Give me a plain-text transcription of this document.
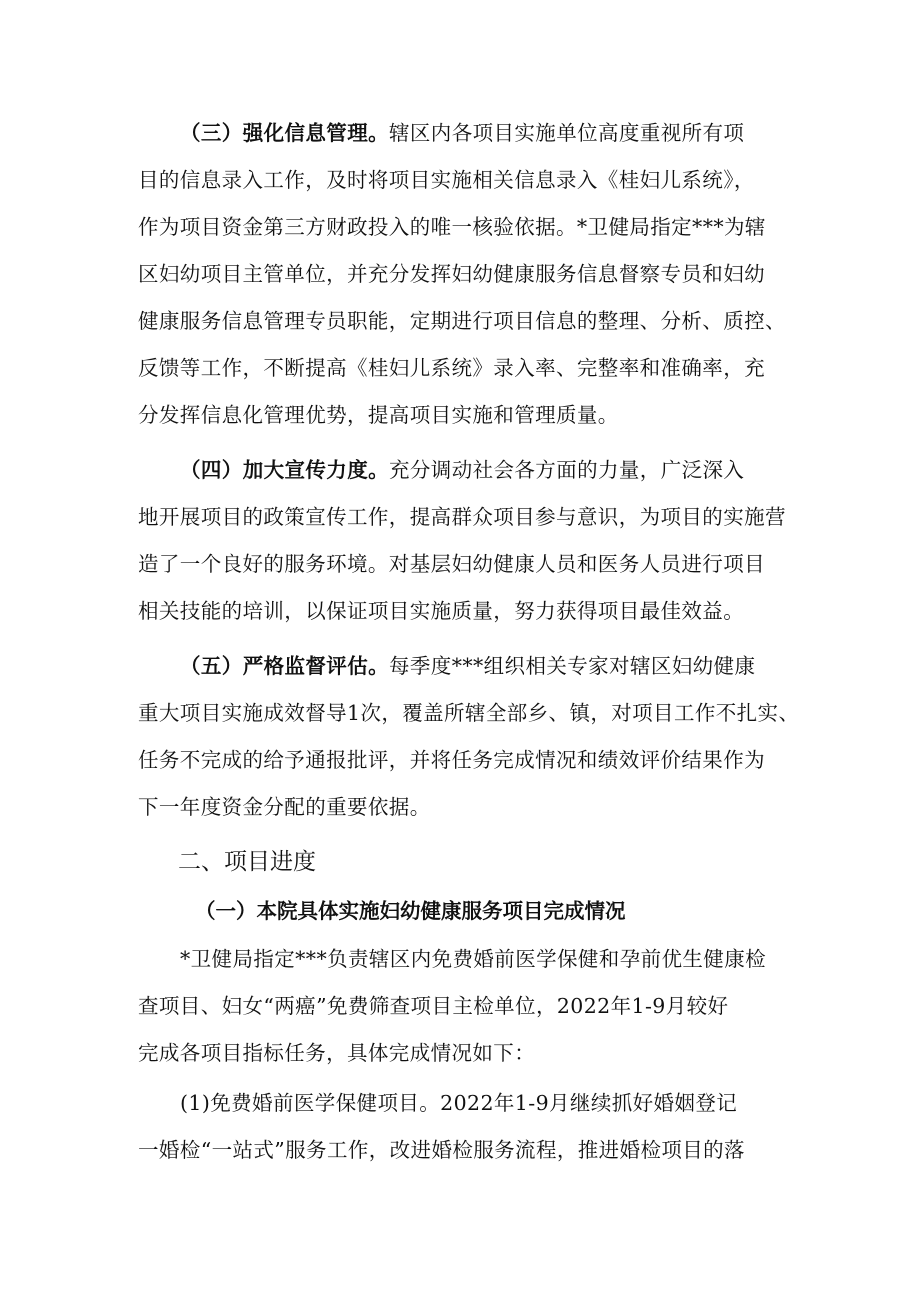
（三）强化信息管理。辖区内各项目实施单位高度重视所有项
目的信息录入工作，及时将项目实施相关信息录入《桂妇儿系统》，
作为项目资金第三方财政投入的唯一核验依据。*卫健局指定***为辖
区妇幼项目主管单位，并充分发挥妇幼健康服务信息督察专员和妇幼
健康服务信息管理专员职能，定期进行项目信息的整理、分析、质控、
反馈等工作，不断提高《桂妇儿系统》录入率、完整率和准确率，充
分发挥信息化管理优势，提高项目实施和管理质量。
（四）加大宣传力度。充分调动社会各方面的力量，广泛深入
地开展项目的政策宣传工作，提高群众项目参与意识，为项目的实施营
造了一个良好的服务环境。对基层妇幼健康人员和医务人员进行项目
相关技能的培训，以保证项目实施质量，努力获得项目最佳效益。
（五）严格监督评估。每季度***组织相关专家对辖区妇幼健康
重大项目实施成效督导1次，覆盖所辖全部乡、镇，对项目工作不扎实、
任务不完成的给予通报批评，并将任务完成情况和绩效评价结果作为
下一年度资金分配的重要依据。
二、项目进度
（一）本院具体实施妇幼健康服务项目完成情况
*卫健局指定***负责辖区内免费婚前医学保健和孕前优生健康检
查项目、妇女“两癌”免费筛查项目主检单位，2022年1-9月较好
完成各项目指标任务，具体完成情况如下：
(1)免费婚前医学保健项目。2022年1-9月继续抓好婚姻登记
一婚检“一站式”服务工作，改进婚检服务流程，推进婚检项目的落
